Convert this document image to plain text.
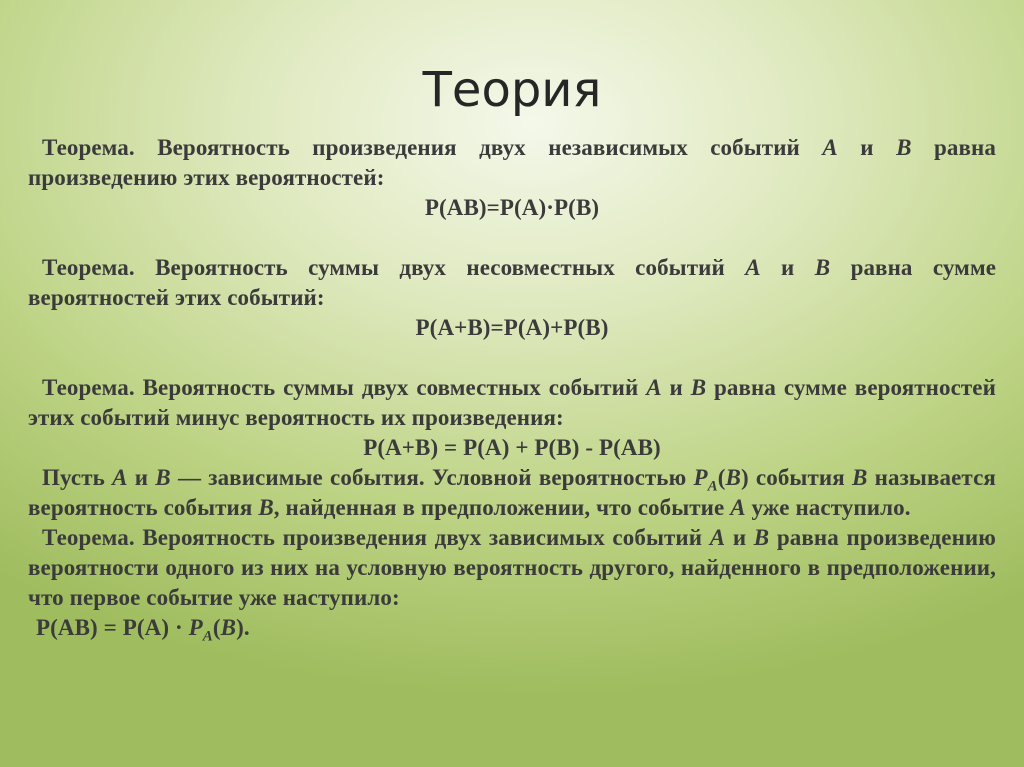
Теория
Теорема. Вероятность произведения двух независимых событий A и B равна произведению этих вероятностей:
P(AB)=P(A)·P(B)
Теорема. Вероятность суммы двух несовместных событий A и B равна сумме вероятностей этих событий:
P(A+B)=P(A)+P(B)
Теорема. Вероятность суммы двух совместных событий A и B равна сумме вероятностей этих событий минус вероятность их произведения:
P(A+B) = P(A) + P(B) - P(AB)
Пусть A и B — зависимые события. Условной вероятностью $P_A(B)$ события B называется вероятность события B, найденная в предположении, что событие A уже наступило.
Теорема. Вероятность произведения двух зависимых событий A и B равна произведению вероятности одного из них на условную вероятность другого, найденного в предположении, что первое событие уже наступило:
$P(AB) = P(A) \cdot P_A(B)$.
